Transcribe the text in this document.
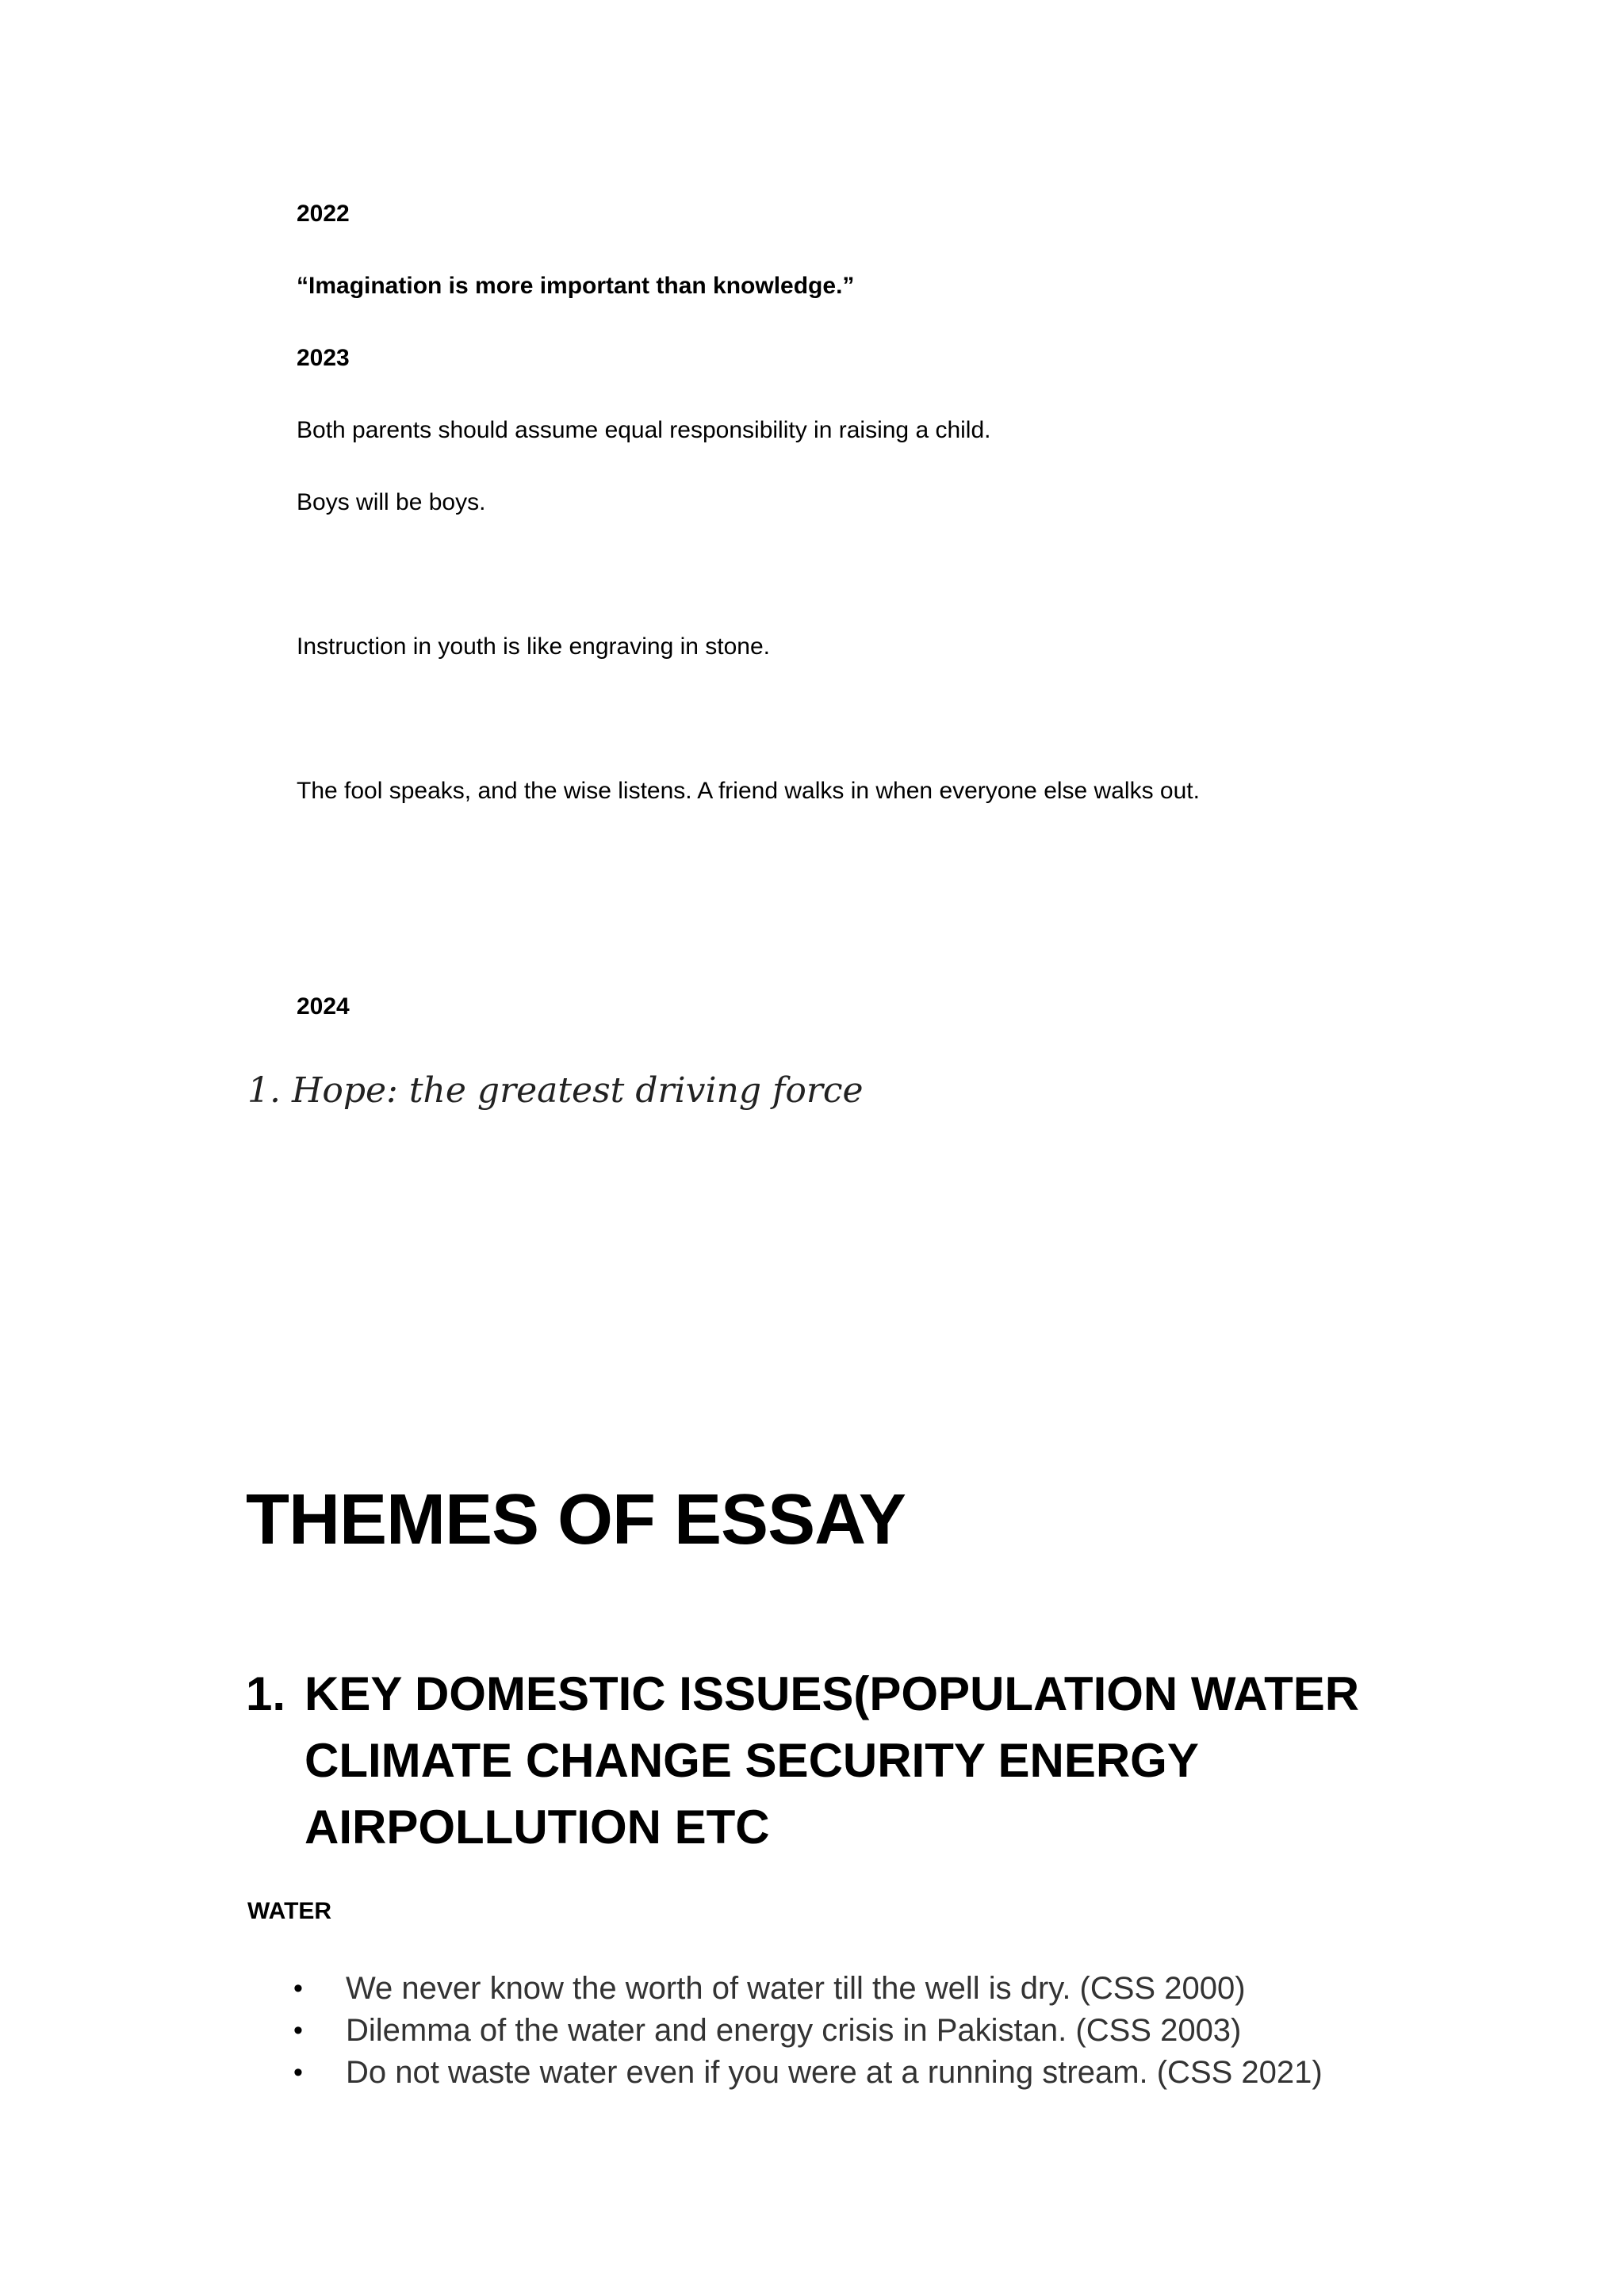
2022
“Imagination is more important than knowledge.”
2023
Both parents should assume equal responsibility in raising a child.
Boys will be boys.
Instruction in youth is like engraving in stone.
The fool speaks, and the wise listens. A friend walks in when everyone else walks out.
2024
1. Hope: the greatest driving force
THEMES OF ESSAY
1. KEY DOMESTIC ISSUES(POPULATION WATER
CLIMATE CHANGE SECURITY ENERGY
AIRPOLLUTION ETC
WATER
• We never know the worth of water till the well is dry. (CSS 2000)
• Dilemma of the water and energy crisis in Pakistan. (CSS 2003)
• Do not waste water even if you were at a running stream. (CSS 2021)
